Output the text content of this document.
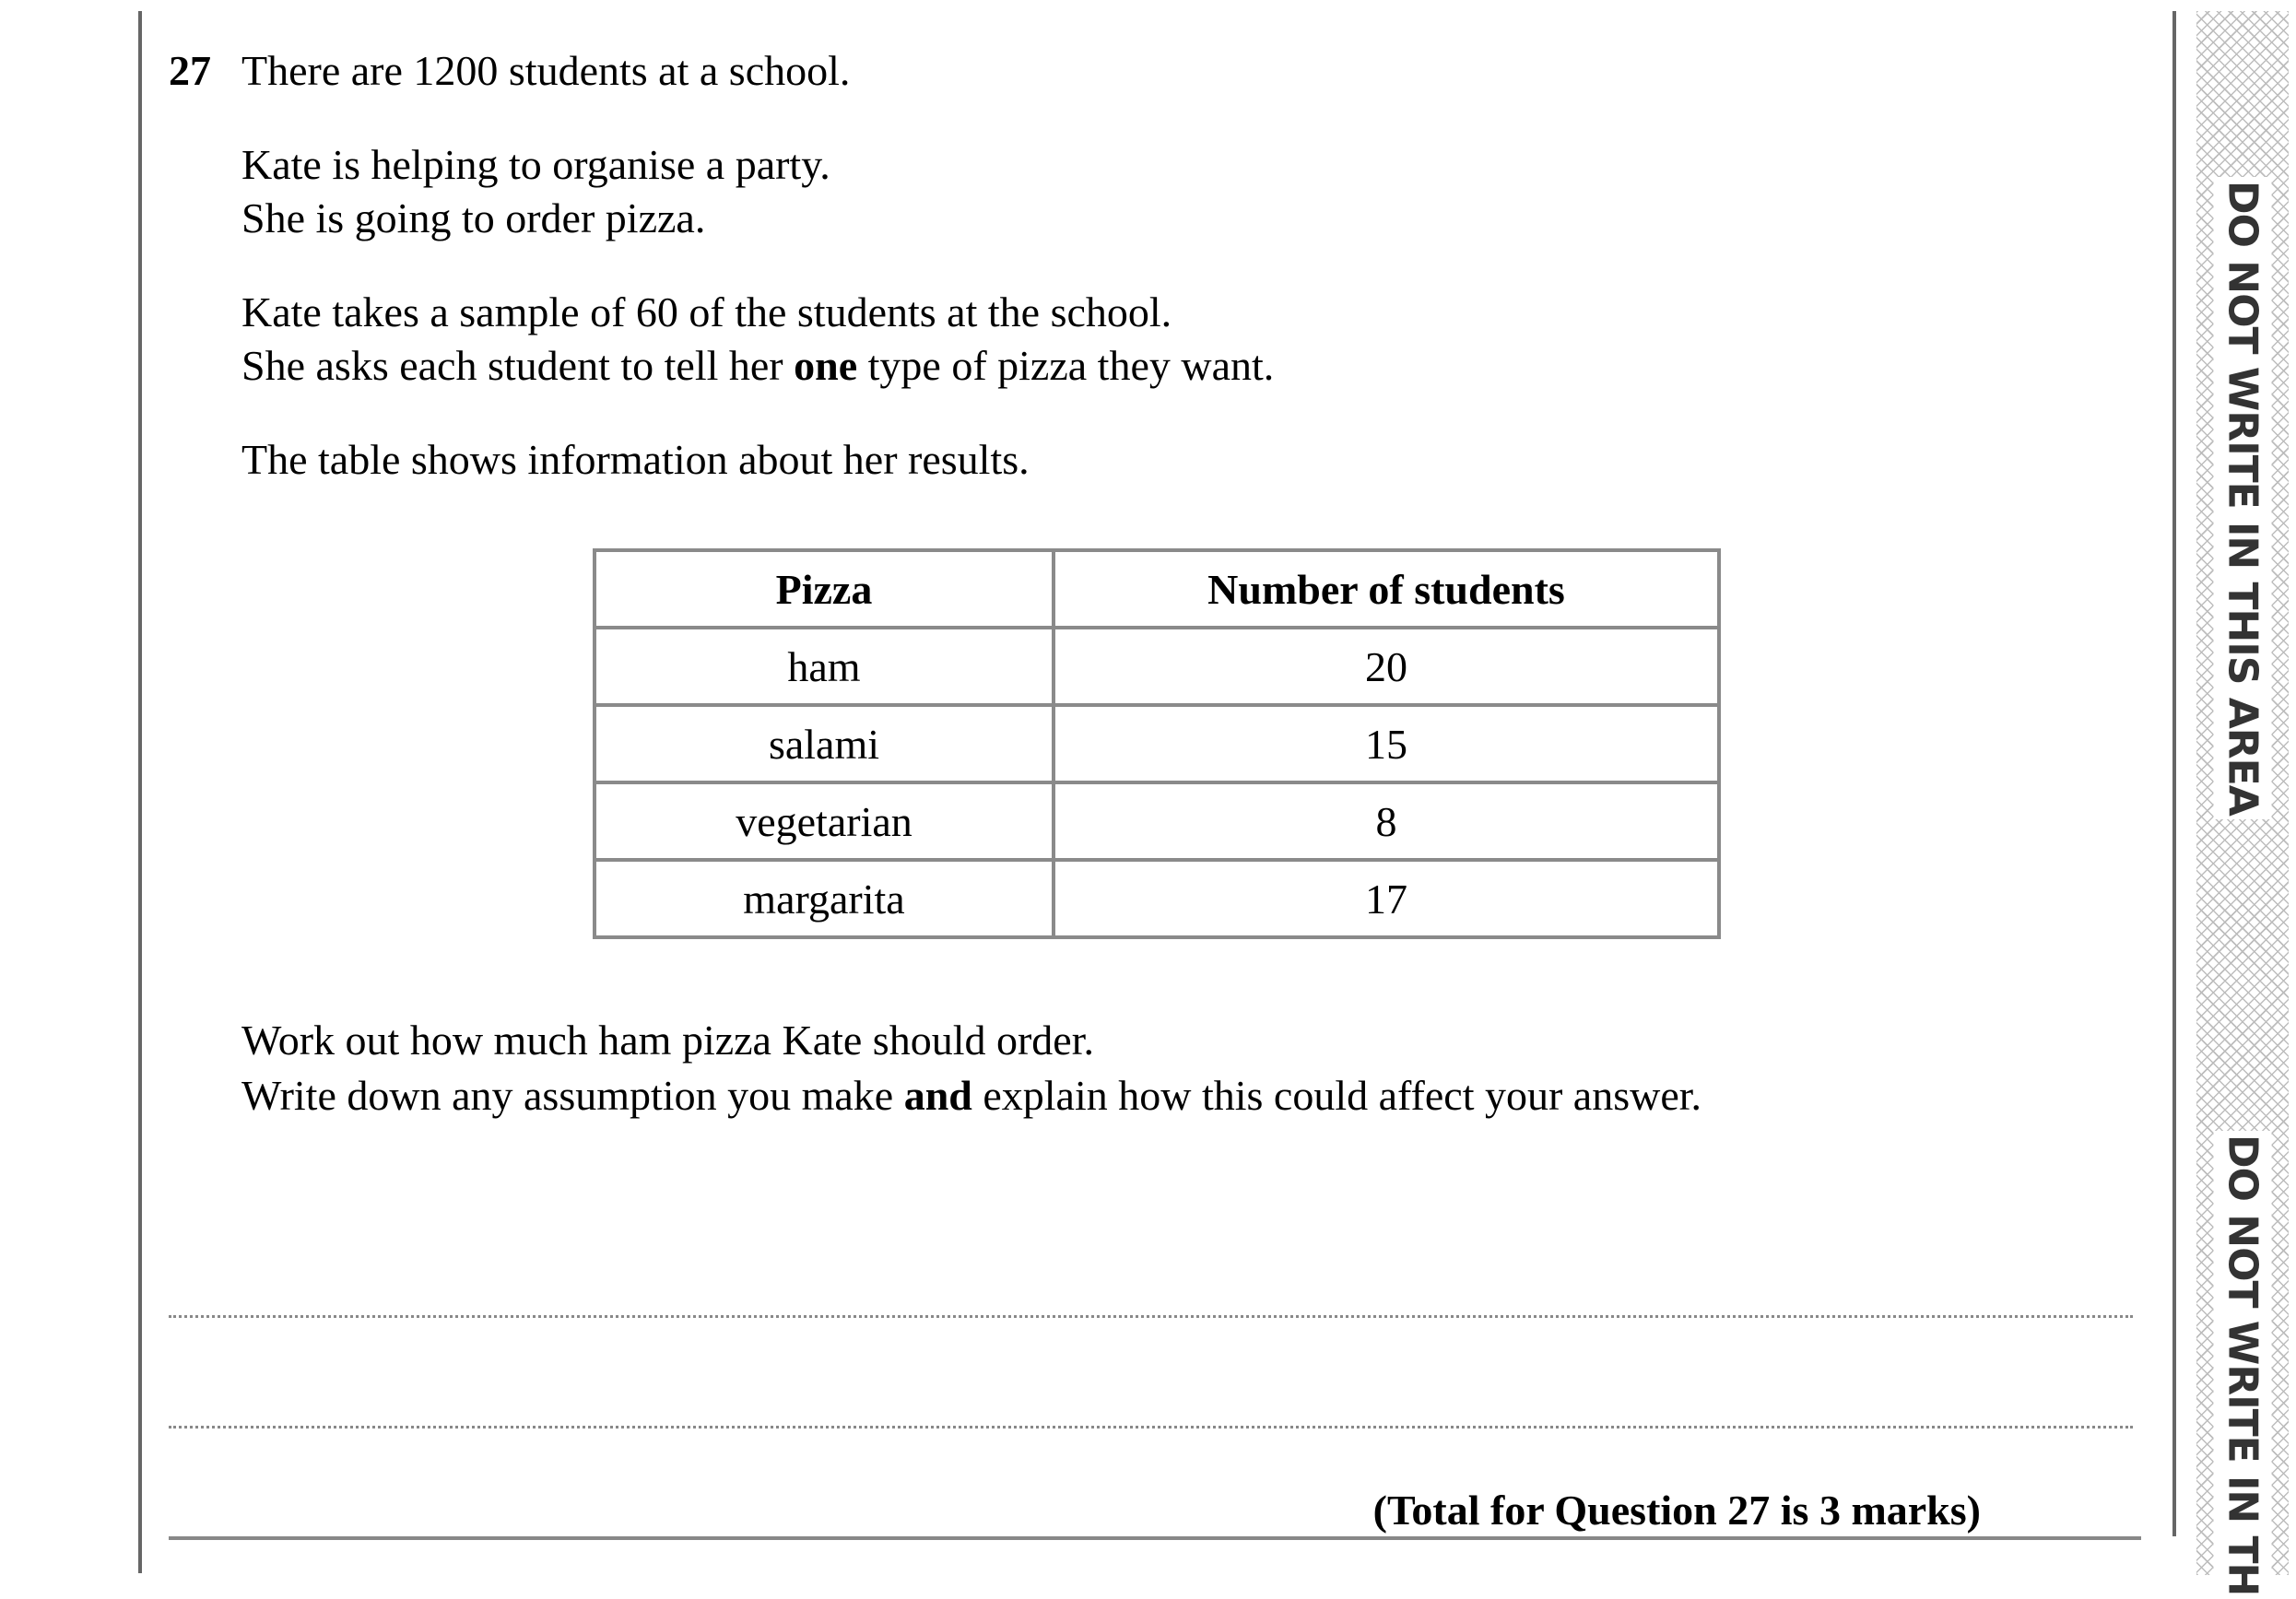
DO NOT WRITE IN THIS AREA
DO NOT WRITE IN TH
27 There are 1200 students at a school.
Kate is helping to organise a party.
She is going to order pizza.
Kate takes a sample of 60 of the students at the school.
She asks each student to tell her one type of pizza they want.
The table shows information about her results.
Pizza	Number of students
ham	20
salami	15
vegetarian	8
margarita	17
Work out how much ham pizza Kate should order.
Write down any assumption you make and explain how this could affect your answer.
(Total for Question 27 is 3 marks)
